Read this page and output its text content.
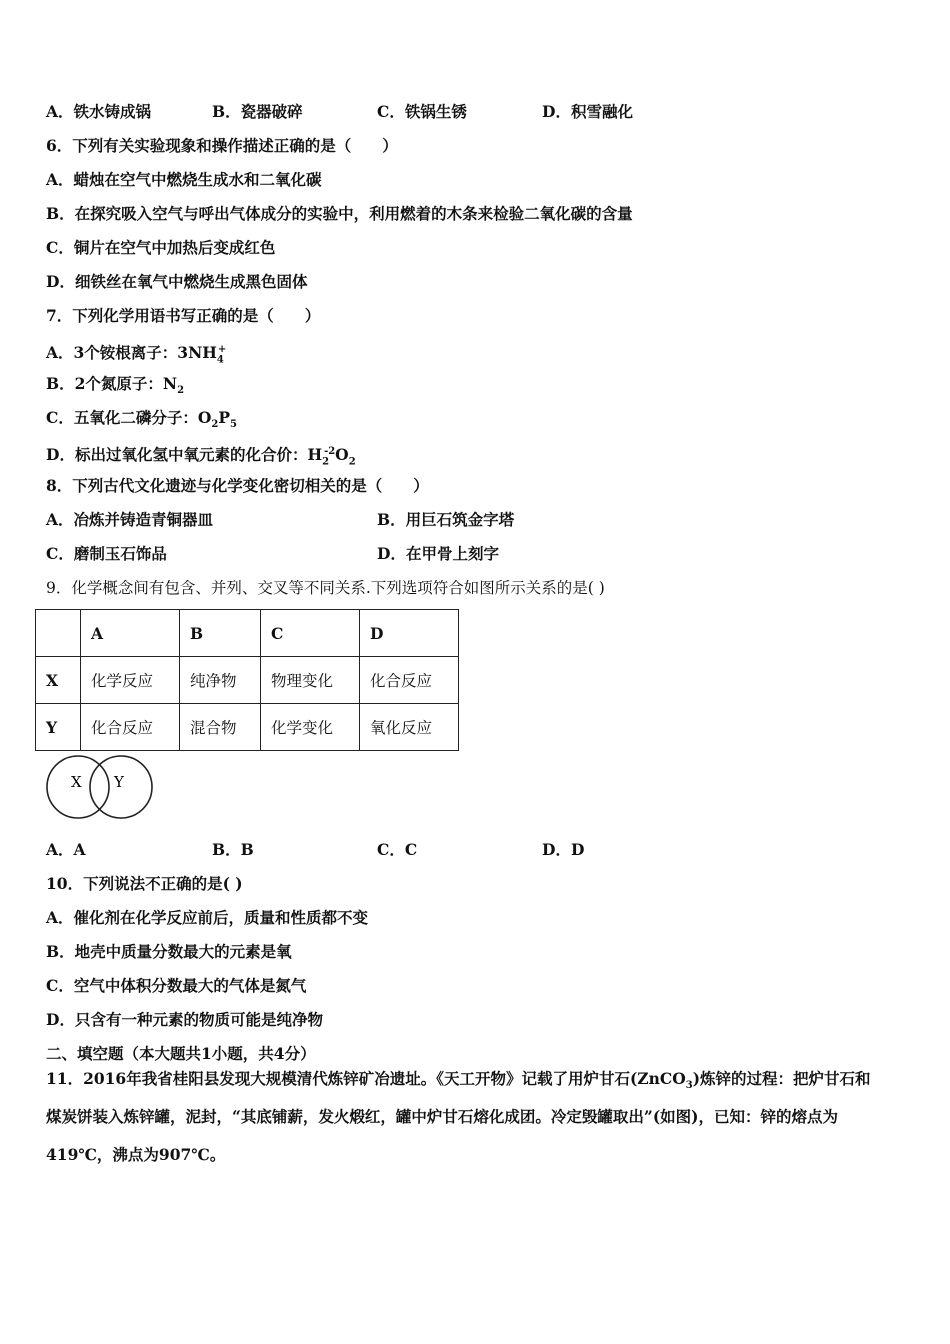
A．铁水铸成锅	B．瓷器破碎	C．铁锅生锈	D．积雪融化
6．下列有关实验现象和操作描述正确的是（　　）
A．蜡烛在空气中燃烧生成水和二氧化碳
B．在探究吸入空气与呼出气体成分的实验中，利用燃着的木条来检验二氧化碳的含量
C．铜片在空气中加热后变成红色
D．细铁丝在氧气中燃烧生成黑色固体
7．下列化学用语书写正确的是（　　）
A．3个铵根离子：$3NH_4^+$
B．2个氮原子：$N_2$
C．五氧化二磷分子：$O_2P_5$
D．标出过氧化氢中氧元素的化合价：$H_2^{-2}O_2$
8．下列古代文化遗迹与化学变化密切相关的是（　　）
A．冶炼并铸造青铜器皿	B．用巨石筑金字塔
C．磨制玉石饰品	D．在甲骨上刻字
9．化学概念间有包含、并列、交叉等不同关系.下列选项符合如图所示关系的是( )
	A	B	C	D
X	化学反应	纯净物	物理变化	化合反应
Y	化合反应	混合物	化学变化	氧化反应
X Y
A．A	B．B	C．C	D．D
10．下列说法不正确的是( )
A．催化剂在化学反应前后，质量和性质都不变
B．地壳中质量分数最大的元素是氧
C．空气中体积分数最大的气体是氮气
D．只含有一种元素的物质可能是纯净物
二、填空题（本大题共1小题，共4分）
11．2016年我省桂阳县发现大规模清代炼锌矿冶遗址。《天工开物》记载了用炉甘石(ZnCO$_3$)炼锌的过程：把炉甘石和
煤炭饼装入炼锌罐，泥封，“其底铺薪，发火煅红，罐中炉甘石熔化成团。冷定毁罐取出”(如图)，已知：锌的熔点为
419℃，沸点为907℃。
